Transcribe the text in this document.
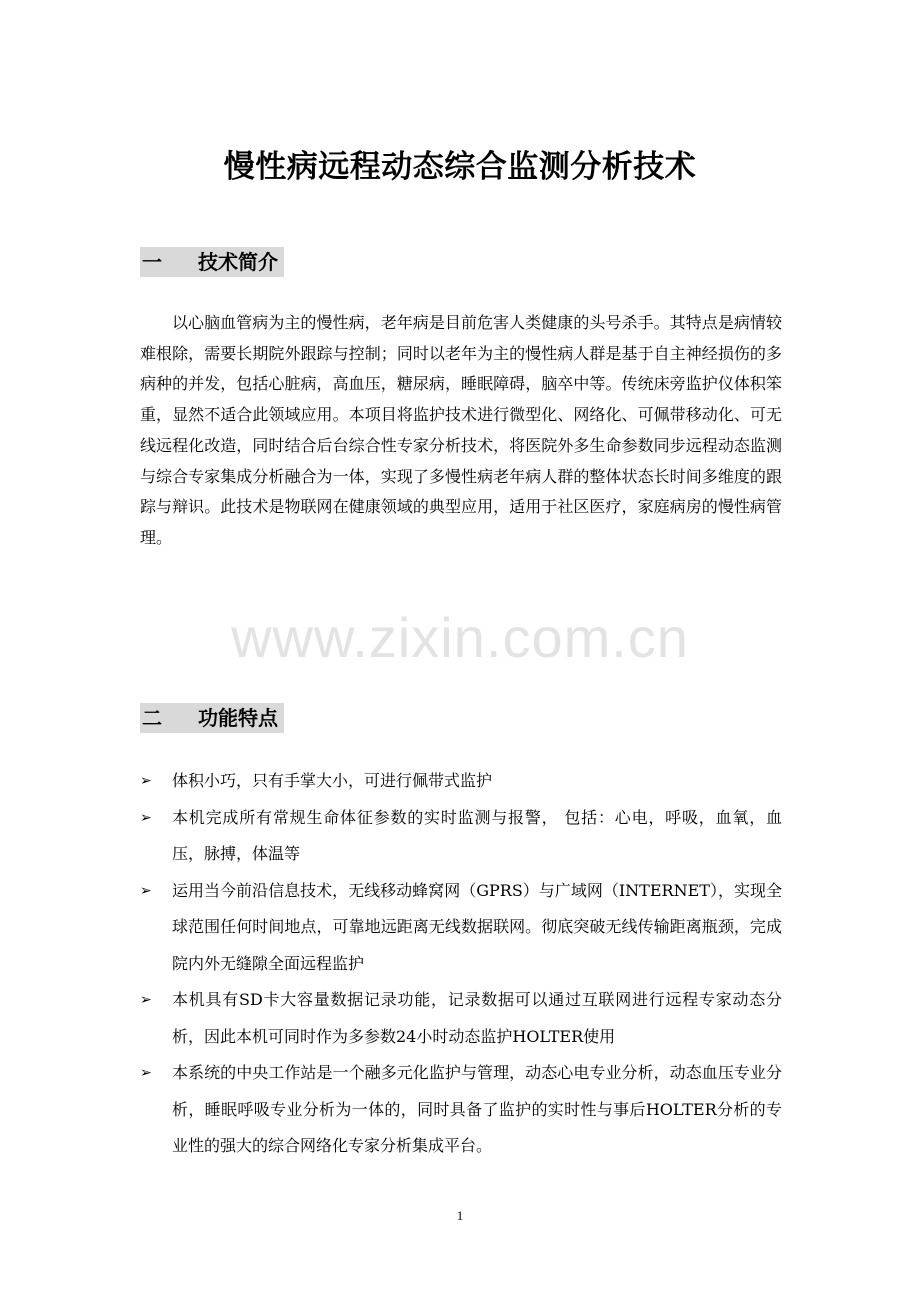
www.zixin.com.cn
慢性病远程动态综合监测分析技术
一 技术简介

以心脑血管病为主的慢性病，老年病是目前危害人类健康的头号杀手。其特点是病情较难根除，需要长期院外跟踪与控制；同时以老年为主的慢性病人群是基于自主神经损伤的多病种的并发，包括心脏病，高血压，糖尿病，睡眠障碍，脑卒中等。传统床旁监护仪体积笨重，显然不适合此领域应用。本项目将监护技术进行微型化、网络化、可佩带移动化、可无线远程化改造，同时结合后台综合性专家分析技术，将医院外多生命参数同步远程动态监测与综合专家集成分析融合为一体，实现了多慢性病老年病人群的整体状态长时间多维度的跟踪与辩识。此技术是物联网在健康领域的典型应用，适用于社区医疗，家庭病房的慢性病管理。

二 功能特点
➢ 体积小巧，只有手掌大小，可进行佩带式监护
➢ 本机完成所有常规生命体征参数的实时监测与报警， 包括：心电，呼吸，血氧，血压，脉搏，体温等
➢ 运用当今前沿信息技术，无线移动蜂窝网（GPRS）与广域网（INTERNET），实现全球范围任何时间地点，可靠地远距离无线数据联网。彻底突破无线传输距离瓶颈，完成院内外无缝隙全面远程监护
➢ 本机具有SD卡大容量数据记录功能，记录数据可以通过互联网进行远程专家动态分析，因此本机可同时作为多参数24小时动态监护HOLTER使用
➢ 本系统的中央工作站是一个融多元化监护与管理，动态心电专业分析，动态血压专业分析，睡眠呼吸专业分析为一体的，同时具备了监护的实时性与事后HOLTER分析的专业性的强大的综合网络化专家分析集成平台。
1
